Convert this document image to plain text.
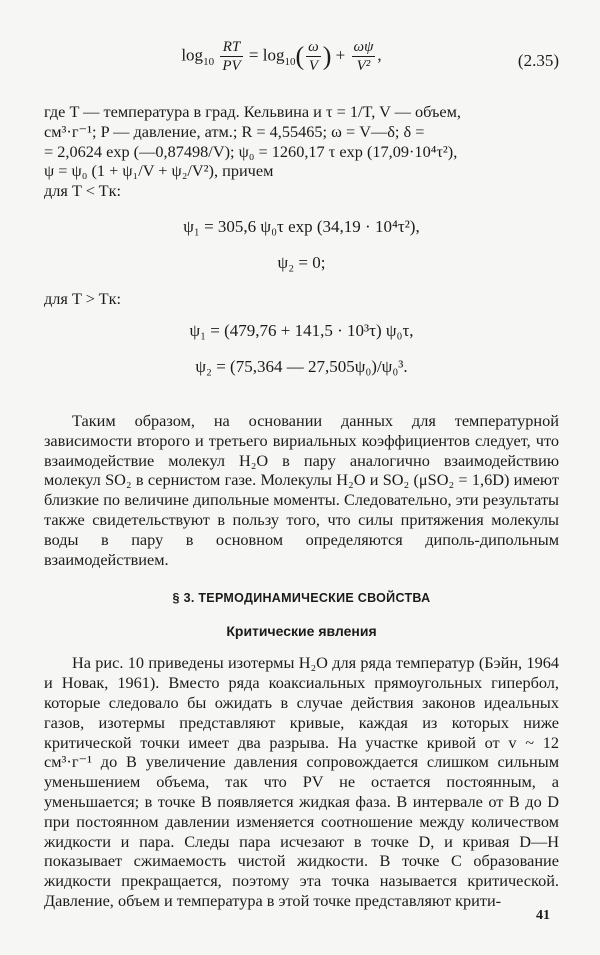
$\log_{10} \frac{RT}{PV} = \log_{10}( \frac{\omega}{V}$ ) + $\frac{\omega\psi}{\text{V²}}$ ,	(2.35)

где T — температура в град. Кельвина и τ = 1/T, V — объем,

см³·г⁻¹; P — давление, атм.; R = 4,55465; ω = V—δ; δ =

= 2,0624 exp (—0,87498/V); ψ₀ = 1260,17 τ exp (17,09·10⁴τ²),

ψ = ψ₀ (1 + ψ₁/V + ψ₂/V²), причем

для T < Tк:

ψ₁ = 305,6 ψ₀τ exp (34,19 · 10⁴τ²),

ψ₂ = 0;

для T > Tк:

ψ₁ = (479,76 + 141,5 · 10³τ) ψ₀τ,

ψ₂ = (75,364 — 27,505ψ₀)/ψ₀³.

Таким образом, на основании данных для температурной зависимости второго и третьего вириальных коэффициентов следует, что взаимодействие молекул H₂O в пару аналогично взаимодействию молекул SO₂ в сернистом газе. Молекулы H₂O и SO₂ (μSO₂ = 1,6D) имеют близкие по величине дипольные моменты. Следовательно, эти результаты также свидетельствуют в пользу того, что силы притяжения молекулы воды в пару в основном определяются диполь-дипольным взаимодействием.

§ 3. ТЕРМОДИНАМИЧЕСКИЕ СВОЙСТВА
Критические явления

На рис. 10 приведены изотермы H₂O для ряда температур (Бэйн, 1964 и Новак, 1961). Вместо ряда коаксиальных прямоугольных гипербол, которые следовало бы ожидать в случае действия законов идеальных газов, изотермы представляют кривые, каждая из которых ниже критической точки имеет два разрыва. На участке кривой от v ~ 12 см³·г⁻¹ до B увеличение давления сопровождается слишком сильным уменьшением объема, так что PV не остается постоянным, а уменьшается; в точке B появляется жидкая фаза. В интервале от B до D при постоянном давлении изменяется соотношение между количеством жидкости и пара. Следы пара исчезают в точке D, и кривая D—H показывает сжимаемость чистой жидкости. В точке C образование жидкости прекращается, поэтому эта точка называется критической. Давление, объем и температура в этой точке представляют крити-

41
